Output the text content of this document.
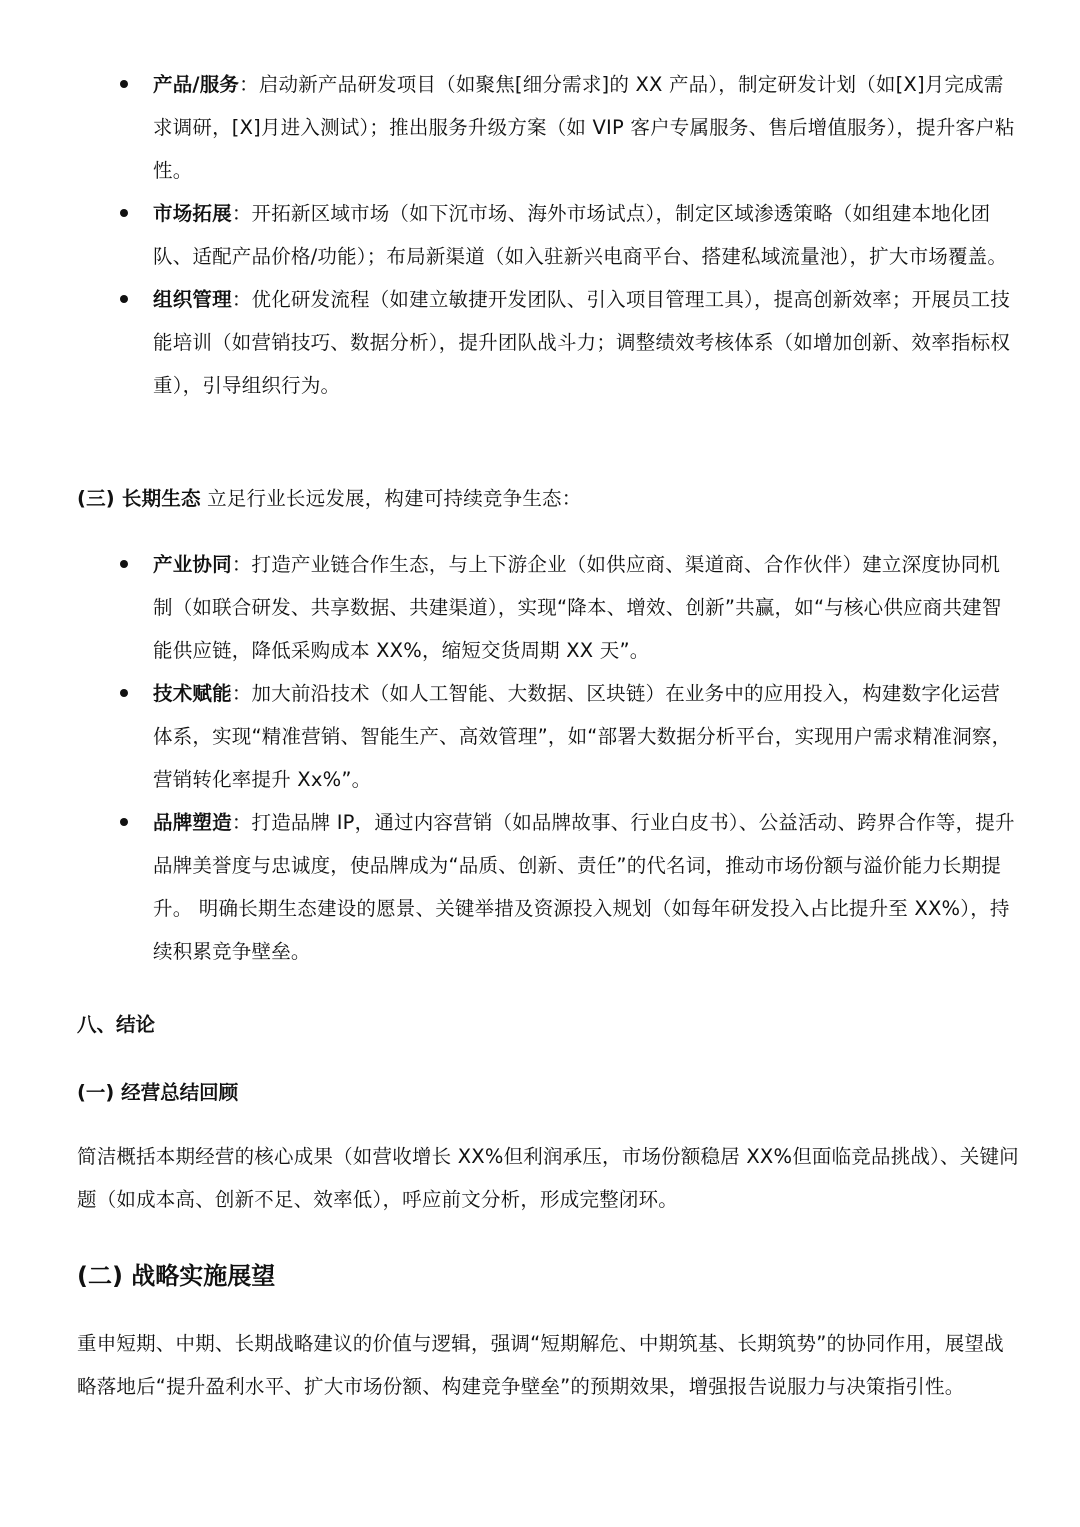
产品/服务：启动新产品研发项目（如聚焦[细分需求]的 XX 产品），制定研发计划（如[X]月完成需求调研，[X]月进入测试）；推出服务升级方案（如 VIP 客户专属服务、售后增值服务），提升客户粘性。
市场拓展：开拓新区域市场（如下沉市场、海外市场试点），制定区域渗透策略（如组建本地化团队、适配产品价格/功能）；布局新渠道（如入驻新兴电商平台、搭建私域流量池），扩大市场覆盖。
组织管理：优化研发流程（如建立敏捷开发团队、引入项目管理工具），提高创新效率；开展员工技能培训（如营销技巧、数据分析），提升团队战斗力；调整绩效考核体系（如增加创新、效率指标权重），引导组织行为。

(三) 长期生态 立足行业长远发展，构建可持续竞争生态：

产业协同：打造产业链合作生态，与上下游企业（如供应商、渠道商、合作伙伴）建立深度协同机制（如联合研发、共享数据、共建渠道），实现“降本、增效、创新”共赢，如“与核心供应商共建智能供应链，降低采购成本 XX%，缩短交货周期 XX 天”。
技术赋能：加大前沿技术（如人工智能、大数据、区块链）在业务中的应用投入，构建数字化运营体系，实现“精准营销、智能生产、高效管理”，如“部署大数据分析平台，实现用户需求精准洞察，营销转化率提升 Xx%”。
品牌塑造：打造品牌 IP，通过内容营销（如品牌故事、行业白皮书）、公益活动、跨界合作等，提升品牌美誉度与忠诚度，使品牌成为“品质、创新、责任”的代名词，推动市场份额与溢价能力长期提升。 明确长期生态建设的愿景、关键举措及资源投入规划（如每年研发投入占比提升至 XX%），持续积累竞争壁垒。
八、结论
(一) 经营总结回顾

简洁概括本期经营的核心成果（如营收增长 XX%但利润承压，市场份额稳居 XX%但面临竞品挑战）、关键问题（如成本高、创新不足、效率低），呼应前文分析，形成完整闭环。

(二) 战略实施展望

重申短期、中期、长期战略建议的价值与逻辑，强调“短期解危、中期筑基、长期筑势”的协同作用，展望战略落地后“提升盈利水平、扩大市场份额、构建竞争壁垒”的预期效果，增强报告说服力与决策指引性。
